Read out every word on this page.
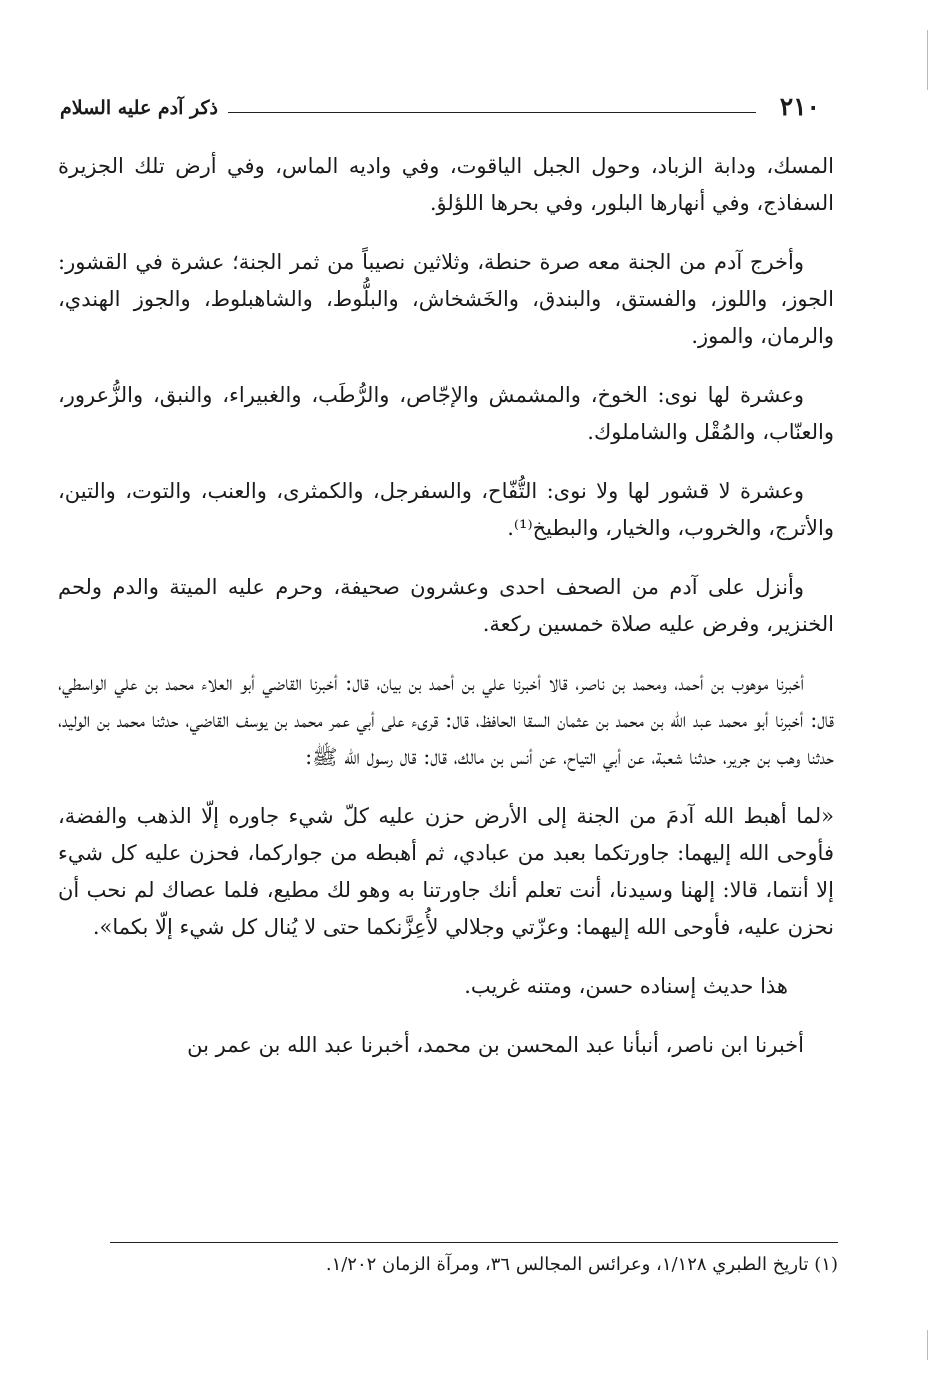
٢١٠
ذكر آدم عليه السلام

المسك، ودابة الزباد، وحول الجبل الياقوت، وفي واديه الماس، وفي أرض تلك الجزيرة السفاذج، وفي أنهارها البلور، وفي بحرها اللؤلؤ.

وأخرج آدم من الجنة معه صرة حنطة، وثلاثين نصيباً من ثمر الجنة؛ عشرة في القشور: الجوز، واللوز، والفستق، والبندق، والخَشخاش، والبلُّوط، والشاهبلوط، والجوز الهندي، والرمان، والموز.

وعشرة لها نوى: الخوخ، والمشمش والإجّاص، والرُّطَب، والغبيراء، والنبق، والزُّعرور، والعنّاب، والمُقْل والشاملوك.

وعشرة لا قشور لها ولا نوى: التُّفّاح، والسفرجل، والكمثرى، والعنب، والتوت، والتين، والأترج، والخروب، والخيار، والبطيخ⁽¹⁾.

وأنزل على آدم من الصحف احدى وعشرون صحيفة، وحرم عليه الميتة والدم ولحم الخنزير، وفرض عليه صلاة خمسين ركعة.

أخبرنا موهوب بن أحمد، ومحمد بن ناصر، قالا أخبرنا علي بن أحمد بن بيان، قال: أخبرنا القاضي أبو العلاء محمد بن علي الواسطي، قال: أخبرنا أبو محمد عبد الله بن محمد بن عثمان السقا الحافظ، قال: قرىء على أبي عمر محمد بن يوسف القاضي، حدثنا محمد بن الوليد، حدثنا وهب بن جرير، حدثنا شعبة، عن أبي التياح، عن أنس بن مالك، قال: قال رسول الله ﷺ:

«لما أهبط الله آدمَ من الجنة إلى الأرض حزن عليه كلّ شيء جاوره إلّا الذهب والفضة، فأوحى الله إليهما: جاورتكما بعبد من عبادي، ثم أهبطه من جواركما، فحزن عليه كل شيء إلا أنتما، قالا: إلهنا وسيدنا، أنت تعلم أنك جاورتنا به وهو لك مطيع، فلما عصاك لم نحب أن نحزن عليه، فأوحى الله إليهما: وعزّتي وجلالي لأُعِزَّنكما حتى لا يُنال كل شيء إلّا بكما».

هذا حديث إسناده حسن، ومتنه غريب.

أخبرنا ابن ناصر، أنبأنا عبد المحسن بن محمد، أخبرنا عبد الله بن عمر بن

(١) تاريخ الطبري ١/١٢٨، وعرائس المجالس ٣٦، ومرآة الزمان ١/٢٠٢.
